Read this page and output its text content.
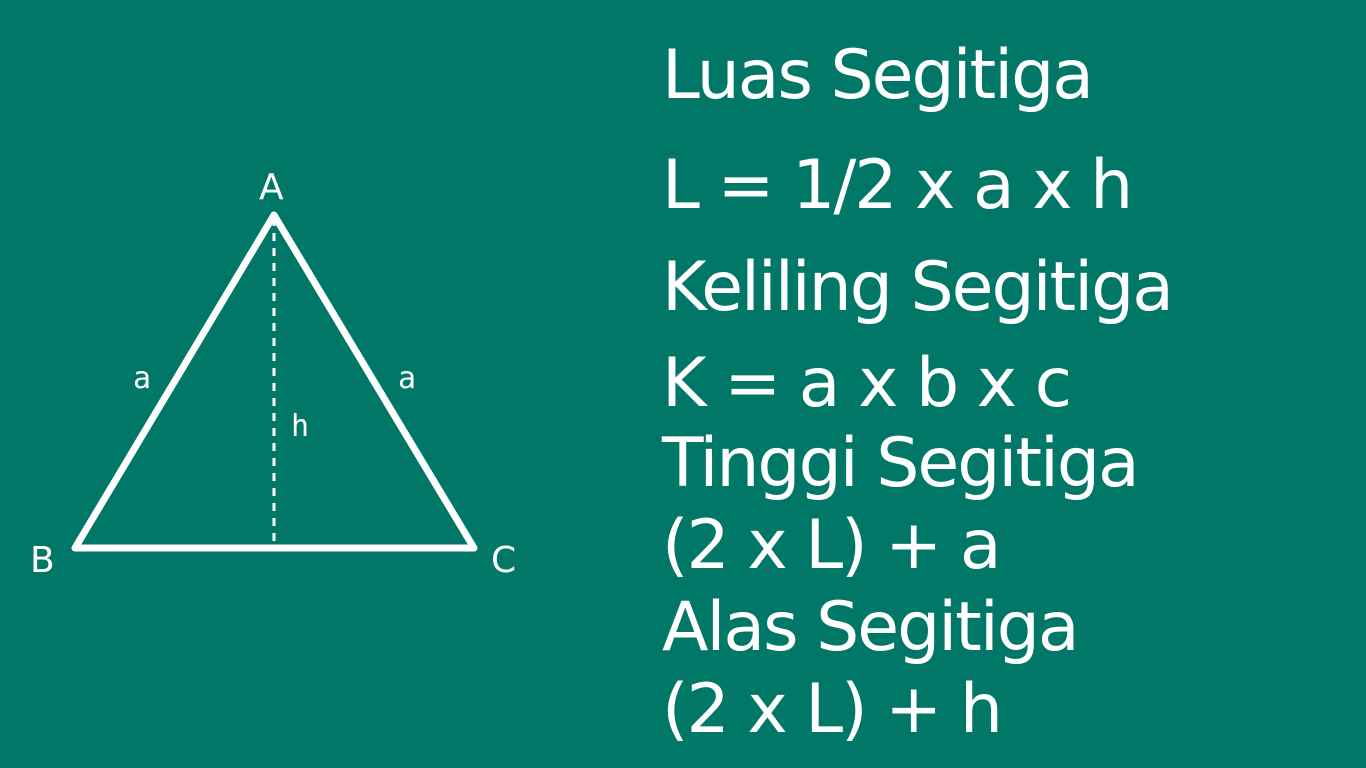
A
B	C
a	a
h
Luas Segitiga
L = 1/2 x a x h
Keliling Segitiga
K = a x b x c
Tinggi Segitiga
(2 x L) + a
Alas Segitiga
(2 x L) + h
